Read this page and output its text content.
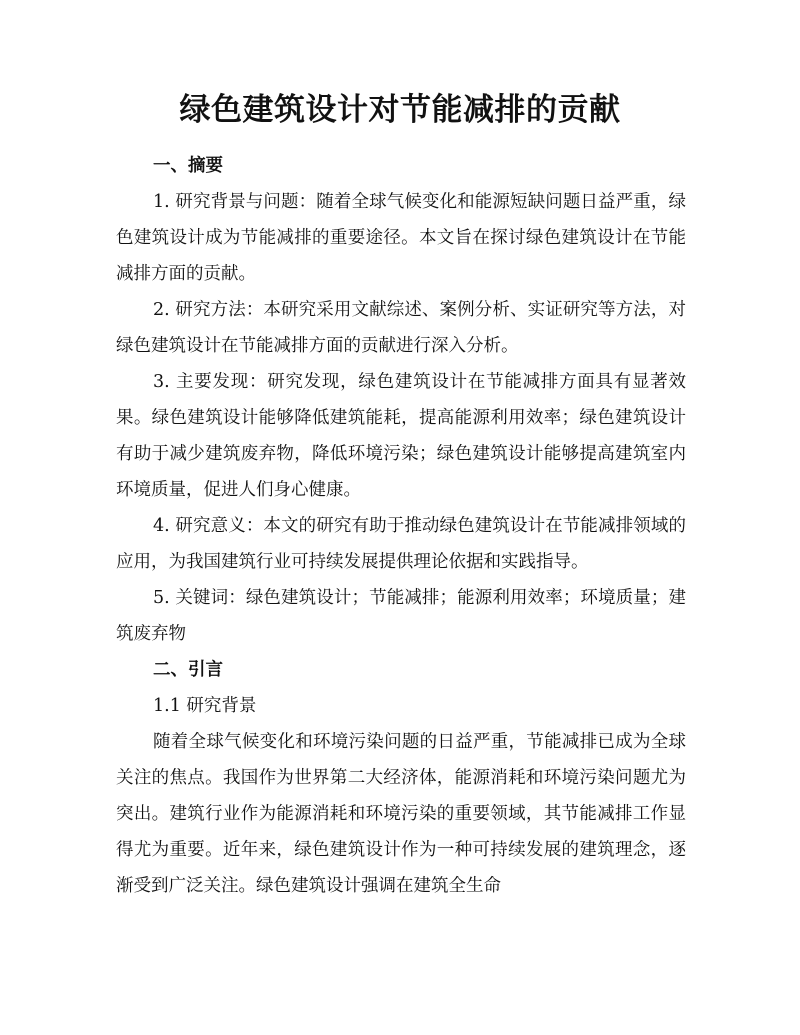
绿色建筑设计对节能减排的贡献

一、摘要

1. 研究背景与问题：随着全球气候变化和能源短缺问题日益严重，绿色建筑设计成为节能减排的重要途径。本文旨在探讨绿色建筑设计在节能减排方面的贡献。

2. 研究方法：本研究采用文献综述、案例分析、实证研究等方法，对绿色建筑设计在节能减排方面的贡献进行深入分析。

3. 主要发现：研究发现，绿色建筑设计在节能减排方面具有显著效果。绿色建筑设计能够降低建筑能耗，提高能源利用效率；绿色建筑设计有助于减少建筑废弃物，降低环境污染；绿色建筑设计能够提高建筑室内环境质量，促进人们身心健康。

4. 研究意义：本文的研究有助于推动绿色建筑设计在节能减排领域的应用，为我国建筑行业可持续发展提供理论依据和实践指导。

5. 关键词：绿色建筑设计；节能减排；能源利用效率；环境质量；建筑废弃物

二、引言

1.1 研究背景

随着全球气候变化和环境污染问题的日益严重，节能减排已成为全球关注的焦点。我国作为世界第二大经济体，能源消耗和环境污染问题尤为突出。建筑行业作为能源消耗和环境污染的重要领域，其节能减排工作显得尤为重要。近年来，绿色建筑设计作为一种可持续发展的建筑理念，逐渐受到广泛关注。绿色建筑设计强调在建筑全生命
